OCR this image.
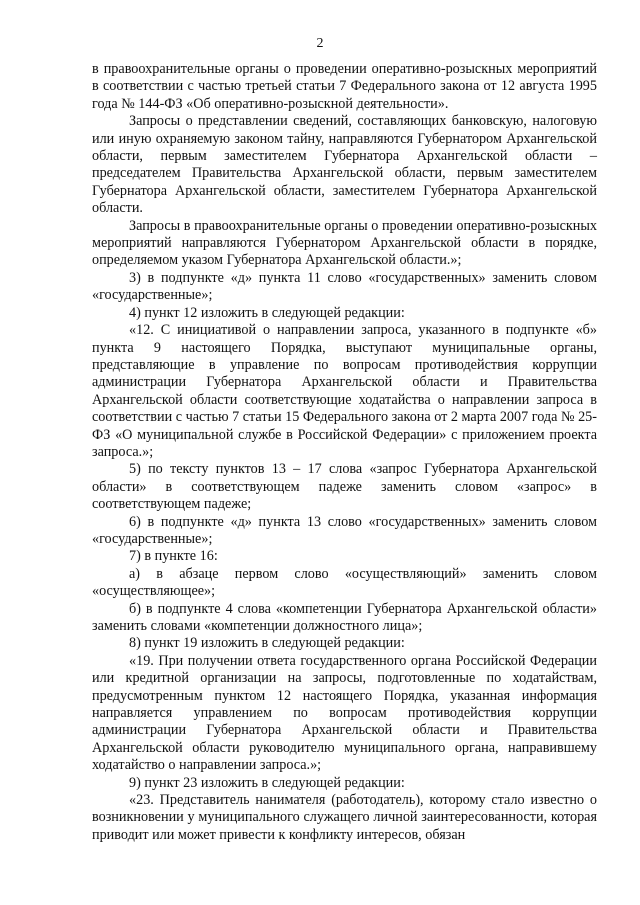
2

в правоохранительные органы о проведении оперативно-розыскных мероприятий в соответствии с частью третьей статьи 7 Федерального закона от 12 августа 1995 года № 144-ФЗ «Об оперативно-розыскной деятельности».

Запросы о представлении сведений, составляющих банковскую, налоговую или иную охраняемую законом тайну, направляются Губернатором Архангельской области, первым заместителем Губернатора Архангельской области – председателем Правительства Архангельской области, первым заместителем Губернатора Архангельской области, заместителем Губернатора Архангельской области.

Запросы в правоохранительные органы о проведении оперативно-розыскных мероприятий направляются Губернатором Архангельской области в порядке, определяемом указом Губернатора Архангельской области.»;

3) в подпункте «д» пункта 11 слово «государственных» заменить словом «государственные»;

4) пункт 12 изложить в следующей редакции:

«12. С инициативой о направлении запроса, указанного в подпункте «б» пункта 9 настоящего Порядка, выступают муниципальные органы, представляющие в управление по вопросам противодействия коррупции администрации Губернатора Архангельской области и Правительства Архангельской области соответствующие ходатайства о направлении запроса в соответствии с частью 7 статьи 15 Федерального закона от 2 марта 2007 года № 25-ФЗ «О муниципальной службе в Российской Федерации» с приложением проекта запроса.»;

5) по тексту пунктов 13 – 17 слова «запрос Губернатора Архангельской области» в соответствующем падеже заменить словом «запрос» в соответствующем падеже;

6) в подпункте «д» пункта 13 слово «государственных» заменить словом «государственные»;

7) в пункте 16:

а) в абзаце первом слово «осуществляющий» заменить словом «осуществляющее»;

б) в подпункте 4 слова «компетенции Губернатора Архангельской области» заменить словами «компетенции должностного лица»;

8) пункт 19 изложить в следующей редакции:

«19. При получении ответа государственного органа Российской Федерации или кредитной организации на запросы, подготовленные по ходатайствам, предусмотренным пунктом 12 настоящего Порядка, указанная информация направляется управлением по вопросам противодействия коррупции администрации Губернатора Архангельской области и Правительства Архангельской области руководителю муниципального органа, направившему ходатайство о направлении запроса.»;

9) пункт 23 изложить в следующей редакции:

«23. Представитель нанимателя (работодатель), которому стало известно о возникновении у муниципального служащего личной заинтересованности, которая приводит или может привести к конфликту интересов, обязан
